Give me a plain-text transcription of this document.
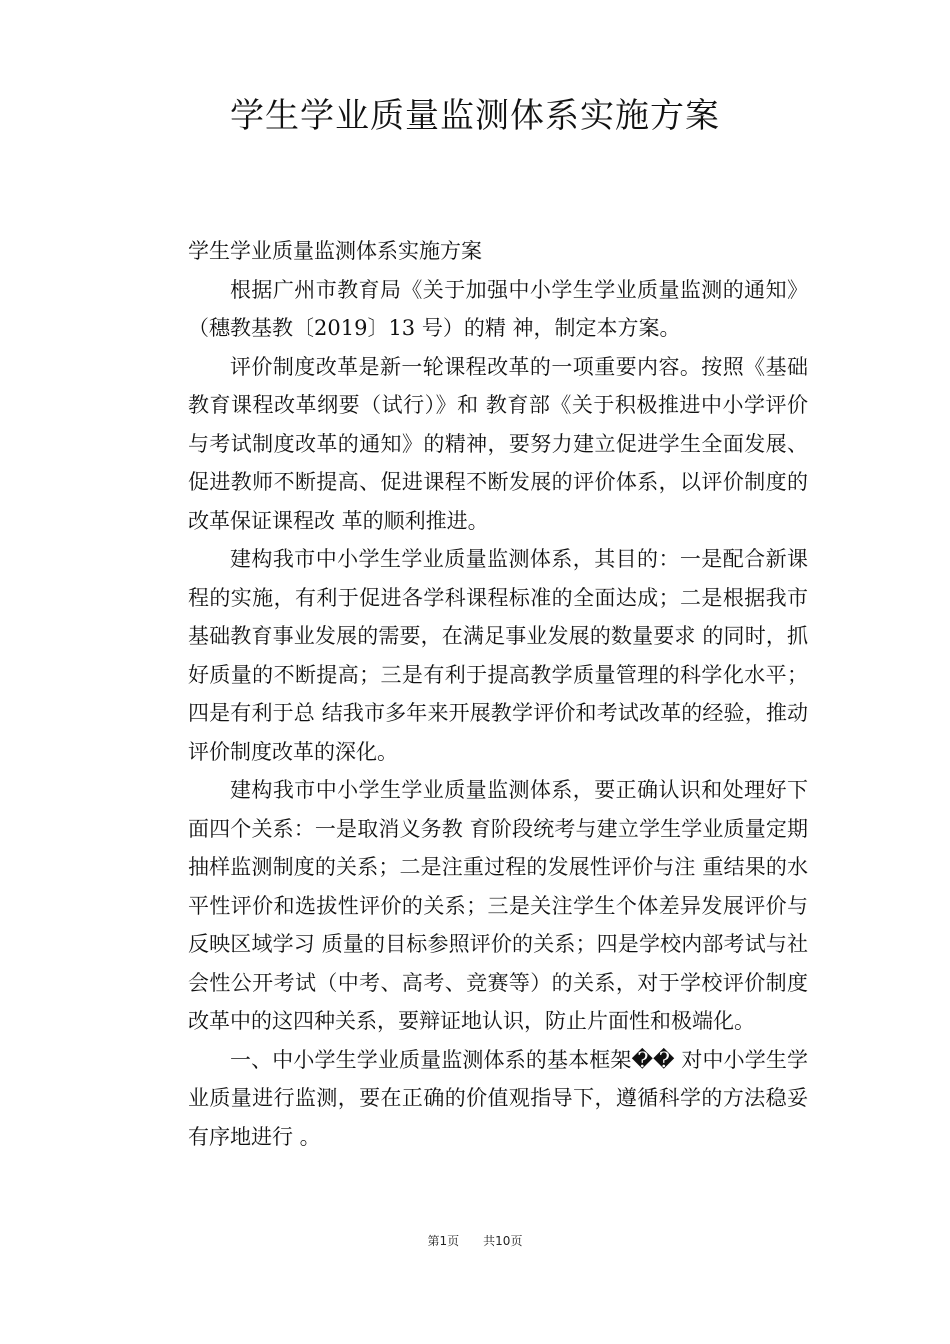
学生学业质量监测体系实施方案

学生学业质量监测体系实施方案

根据广州市教育局《关于加强中小学生学业质量监测的通知》（穗教基教〔2019〕13 号）的精 神，制定本方案。

评价制度改革是新一轮课程改革的一项重要内容。按照《基础教育课程改革纲要（试行）》和 教育部《关于积极推进中小学评价与考试制度改革的通知》的精神，要努力建立促进学生全面发展、促进教师不断提高、促进课程不断发展的评价体系，以评价制度的改革保证课程改 革的顺利推进。

建构我市中小学生学业质量监测体系，其目的：一是配合新课程的实施，有利于促进各学科课程标准的全面达成；二是根据我市基础教育事业发展的需要，在满足事业发展的数量要求 的同时，抓好质量的不断提高；三是有利于提高教学质量管理的科学化水平；四是有利于总 结我市多年来开展教学评价和考试改革的经验，推动评价制度改革的深化。

建构我市中小学生学业质量监测体系，要正确认识和处理好下面四个关系：一是取消义务教 育阶段统考与建立学生学业质量定期抽样监测制度的关系；二是注重过程的发展性评价与注 重结果的水平性评价和选拔性评价的关系；三是关注学生个体差异发展评价与反映区域学习 质量的目标参照评价的关系；四是学校内部考试与社会性公开考试（中考、高考、竞赛等）的关系，对于学校评价制度改革中的这四种关系，要辩证地认识，防止片面性和极端化。

一、中小学生学业质量监测体系的基本框架�� 对中小学生学业质量进行监测，要在正确的价值观指导下，遵循科学的方法稳妥有序地进行 。

第1页 共10页
